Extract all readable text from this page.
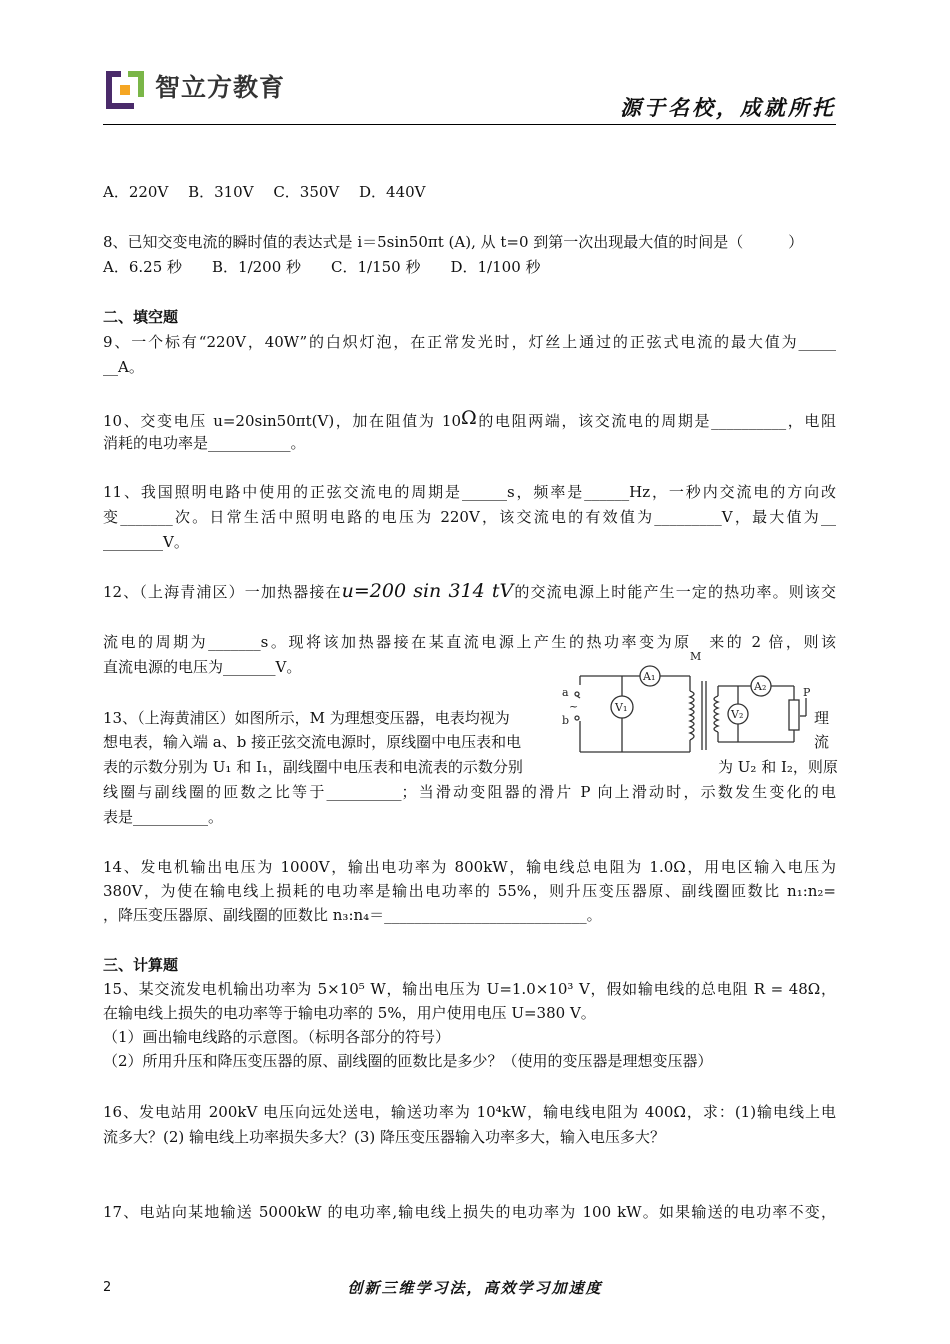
智立方教育
源于名校，成就所托
A．220V　 B．310V　 C．350V　 D．440V
8、已知交变电流的瞬时值的表达式是 i＝5sin50πt (A), 从 t=0 到第一次出现最大值的时间是（　　　）
A．6.25 秒　　B．1/200 秒　　C．1/150 秒　　D．1/100 秒
二、填空题
9、一个标有“220V，40W”的白炽灯泡，在正常发光时，灯丝上通过的正弦式电流的最大值为_____
__A。
10、交变电压 u=20sin50πt(V)，加在阻值为 10Ω的电阻两端，该交流电的周期是__________，电阻
消耗的电功率是___________。
11、我国照明电路中使用的正弦交流电的周期是______s，频率是______Hz，一秒内交流电的方向改
变_______次。日常生活中照明电路的电压为 220V，该交流电的有效值为_________V，最大值为__
________V。
12、（上海青浦区）一加热器接在u=200 sin 314 tV的交流电源上时能产生一定的热功率。则该交
流电的周期为_______s。现将该加热器接在某直流电源上产生的热功率变为原　来的 2 倍，则该
直流电源的电压为_______V。
13、（上海黄浦区）如图所示，M 为理想变压器，电表均视为	理
想电表，输入端 a、b 接正弦交流电源时，原线圈中电压表和电	流
表的示数分别为 U₁ 和 I₁，副线圈中电压表和电流表的示数分别	为 U₂ 和 I₂，则原
线圈与副线圈的匝数之比等于__________；当滑动变阻器的滑片 P 向上滑动时，示数发生变化的电
表是__________。
M
a
b
~
A₁
A₂
V₁
V₂
P
14、发电机输出电压为 1000V，输出电功率为 800kW，输电线总电阻为 1.0Ω，用电区输入电压为
380V，为使在输电线上损耗的电功率是输出电功率的 55%，则升压变压器原、副线圈匝数比 n₁:n₂=
，降压变压器原、副线圈的匝数比 n₃:n₄＝___________________________。
三、计算题
15、某交流发电机输出功率为 5×10⁵ W，输出电压为 U=1.0×10³ V，假如输电线的总电阻 R = 48Ω，
在输电线上损失的电功率等于输电功率的 5%，用户使用电压 U=380 V。
（1）画出输电线路的示意图。（标明各部分的符号）
（2）所用升压和降压变压器的原、副线圈的匝数比是多少？（使用的变压器是理想变压器）
16、发电站用 200kV 电压向远处送电，输送功率为 10⁴kW，输电线电阻为 400Ω，求：(1)输电线上电
流多大？(2) 输电线上功率损失多大？(3) 降压变压器输入功率多大，输入电压多大？
17、电站向某地输送 5000kW 的电功率,输电线上损失的电功率为 100 kW。如果输送的电功率不变，
2	创新三维学习法，高效学习加速度
